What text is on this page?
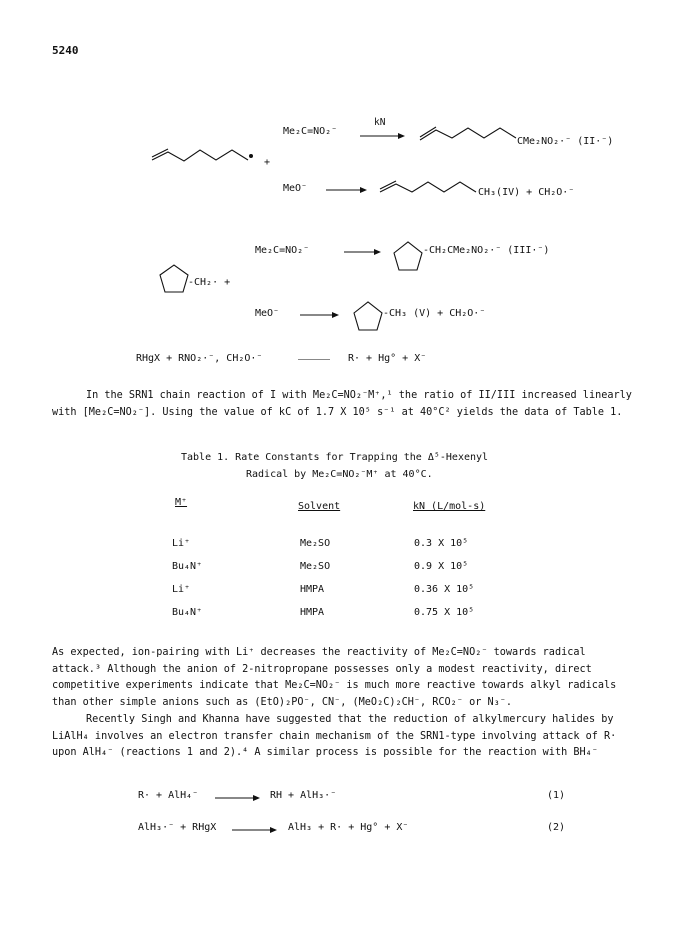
5240
Me₂C=NO₂⁻
kN
CMe₂NO₂·⁻ (II·⁻)
+
MeO⁻	CH₃(IV) + CH₂O·⁻
Me₂C=NO₂⁻	-CH₂CMe₂NO₂·⁻ (III·⁻)
-CH₂· +
MeO⁻	-CH₃ (V) + CH₂O·⁻
RHgX + RNO₂·⁻, CH₂O·⁻	R· + Hg° + X⁻

In the SRN1 chain reaction of I with Me₂C=NO₂⁻M⁺,¹ the ratio of II/III increased linearly

with [Me₂C=NO₂⁻]. Using the value of kC of 1.7 X 10⁵ s⁻¹ at 40°C² yields the data of Table 1.

Table 1. Rate Constants for Trapping the Δ⁵-Hexenyl
Radical by Me₂C=NO₂⁻M⁺ at 40°C.
M⁺	Solvent	kN (L/mol-s)
Li⁺	Me₂SO	0.3 X 10⁵
Bu₄N⁺	Me₂SO	0.9 X 10⁵
Li⁺	HMPA	0.36 X 10⁵
Bu₄N⁺	HMPA	0.75 X 10⁵

As expected, ion-pairing with Li⁺ decreases the reactivity of Me₂C=NO₂⁻ towards radical

attack.³ Although the anion of 2-nitropropane possesses only a modest reactivity, direct

competitive experiments indicate that Me₂C=NO₂⁻ is much more reactive towards alkyl radicals

than other simple anions such as (EtO)₂PO⁻, CN⁻, (MeO₂C)₂CH⁻, RCO₂⁻ or N₃⁻.

Recently Singh and Khanna have suggested that the reduction of alkylmercury halides by

LiAlH₄ involves an electron transfer chain mechanism of the SRN1-type involving attack of R·

upon AlH₄⁻ (reactions 1 and 2).⁴ A similar process is possible for the reaction with BH₄⁻

R· + AlH₄⁻	RH + AlH₃·⁻	(1)
AlH₃·⁻ + RHgX	AlH₃ + R· + Hg° + X⁻	(2)
